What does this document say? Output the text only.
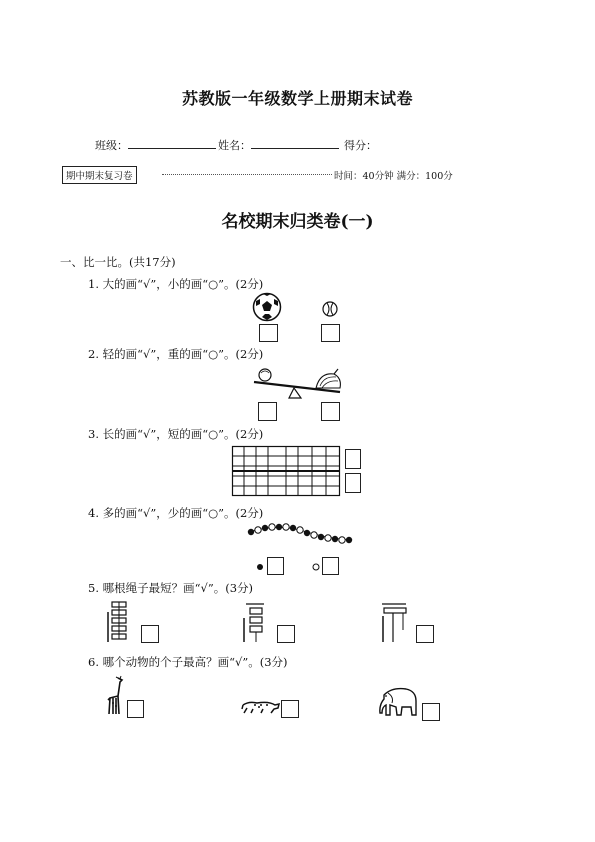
苏教版一年级数学上册期末试卷
班级：	姓名：	得分：
期中期末复习卷	时间：40分钟 满分：100分
名校期末归类卷(一)
一、比一比。(共17分)
1. 大的画“√”，小的画“○”。(2分)
2. 轻的画“√”，重的画“○”。(2分)
3. 长的画“√”，短的画“○”。(2分)
4. 多的画“√”，少的画“○”。(2分)
5. 哪根绳子最短？画“√”。(3分)
6. 哪个动物的个子最高？画“√”。(3分)
